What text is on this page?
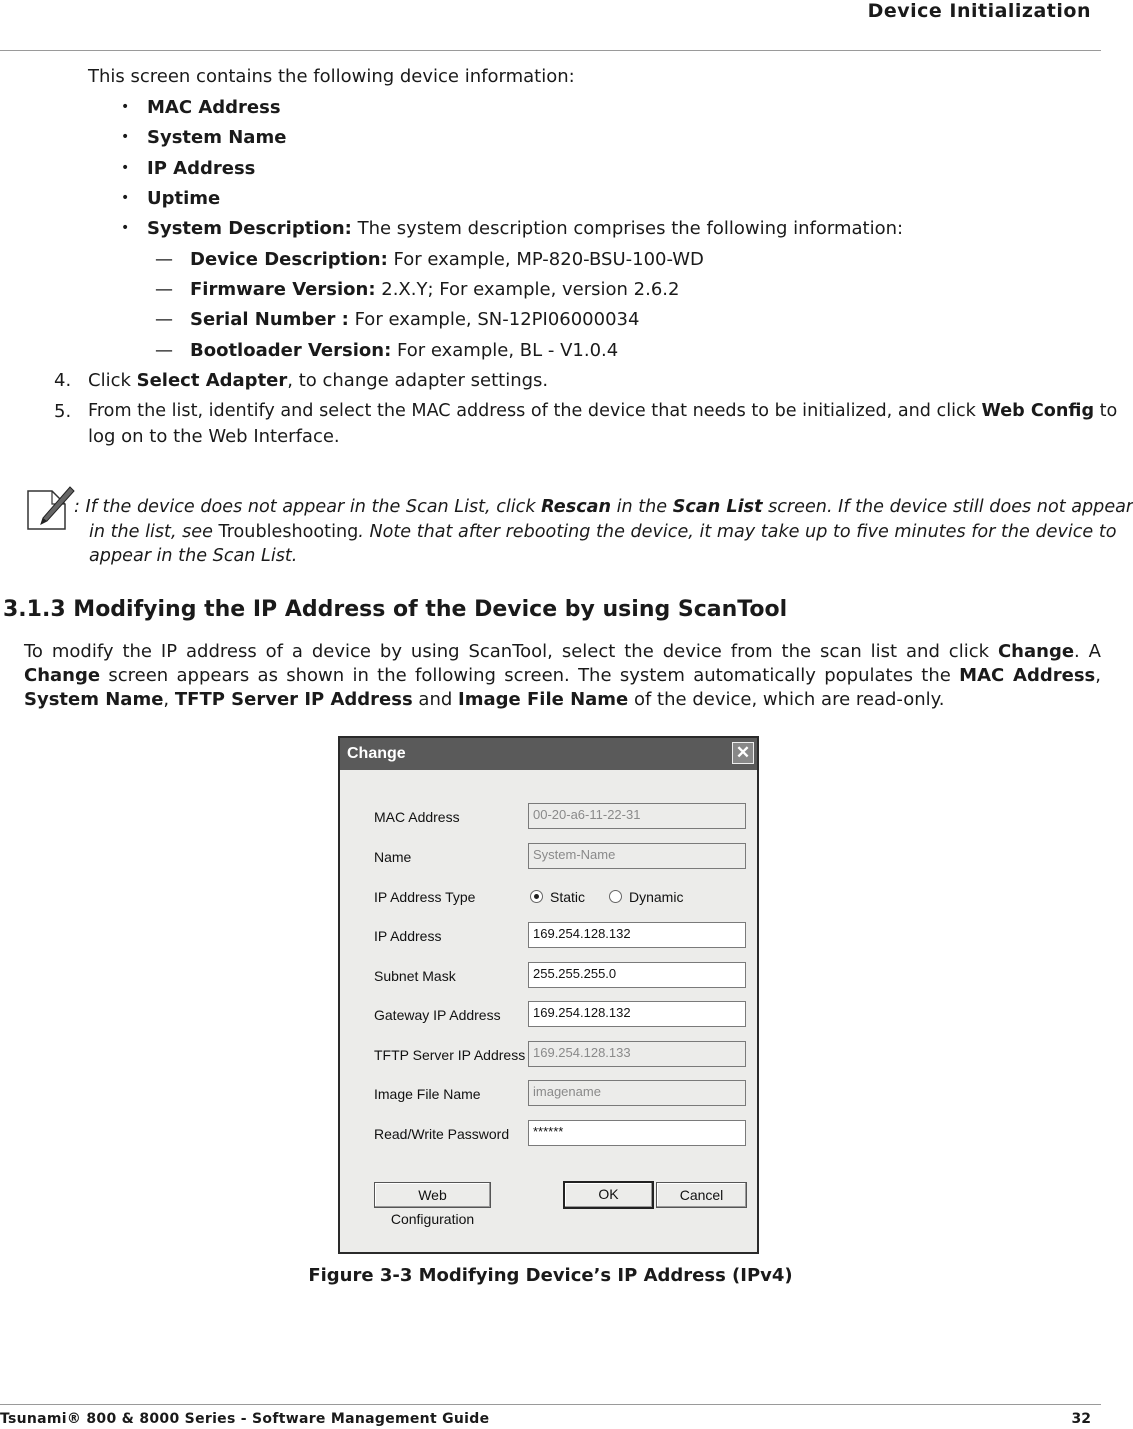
Device Initialization
This screen contains the following device information:
• MAC Address
• System Name
• IP Address
• Uptime
• System Description: The system description comprises the following information:
— Device Description: For example, MP-820-BSU-100-WD
— Firmware Version: 2.X.Y; For example, version 2.6.2
— Serial Number : For example, SN-12PI06000034
— Bootloader Version: For example, BL - V1.0.4
4. Click Select Adapter, to change adapter settings.
5. From the list, identify and select the MAC address of the device that needs to be initialized, and click Web Config to
log on to the Web Interface.
: If the device does not appear in the Scan List, click Rescan in the Scan List screen. If the device still does not appear
in the list, see Troubleshooting. Note that after rebooting the device, it may take up to five minutes for the device to
appear in the Scan List.
3.1.3 Modifying the IP Address of the Device by using ScanTool
To modify the IP address of a device by using ScanTool, select the device from the scan list and click Change. A Change screen appears as shown in the following screen. The system automatically populates the MAC Address, System Name, TFTP Server IP Address and Image File Name of the device, which are read-only.
Change	✕
MAC Address	00-20-a6-11-22-31
Name	System-Name
IP Address Type	Static	Dynamic
IP Address	169.254.128.132
Subnet Mask	255.255.255.0
Gateway IP Address	169.254.128.132
TFTP Server IP Address 169.254.128.133
Image File Name	imagename
Read/Write Password	******
Web Configuration
OK	Cancel
Figure 3-3 Modifying Device’s IP Address (IPv4)
Tsunami® 800 & 8000 Series - Software Management Guide	32
